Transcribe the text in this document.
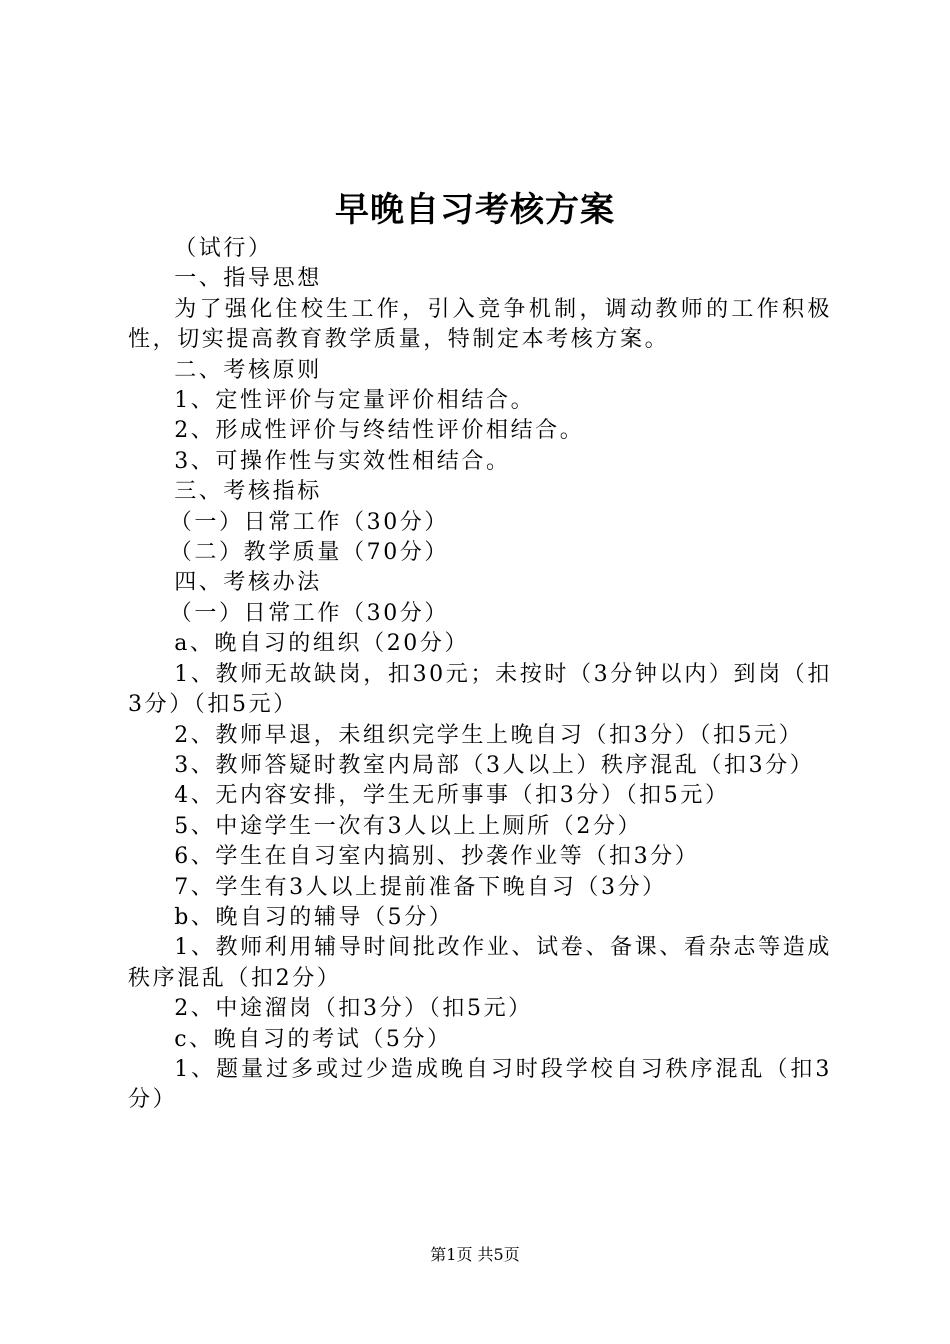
早晚自习考核方案

（试行）

一、指导思想

为了强化住校生工作，引入竞争机制，调动教师的工作积极性，切实提高教育教学质量，特制定本考核方案。

二、考核原则

1、定性评价与定量评价相结合。

2、形成性评价与终结性评价相结合。

3、可操作性与实效性相结合。

三、考核指标

（一）日常工作（30分）

（二）教学质量（70分）

四、考核办法

（一）日常工作（30分）

a、晚自习的组织（20分）

1、教师无故缺岗，扣30元；未按时（3分钟以内）到岗（扣3分）（扣5元）

2、教师早退，未组织完学生上晚自习（扣3分）（扣5元）

3、教师答疑时教室内局部（3人以上）秩序混乱（扣3分）

4、无内容安排，学生无所事事（扣3分）（扣5元）

5、中途学生一次有3人以上上厕所（2分）

6、学生在自习室内搞别、抄袭作业等（扣3分）

7、学生有3人以上提前准备下晚自习（3分）

b、晚自习的辅导（5分）

1、教师利用辅导时间批改作业、试卷、备课、看杂志等造成秩序混乱（扣2分）

2、中途溜岗（扣3分）（扣5元）

c、晚自习的考试（5分）

1、题量过多或过少造成晚自习时段学校自习秩序混乱（扣3分）

第1页 共5页
